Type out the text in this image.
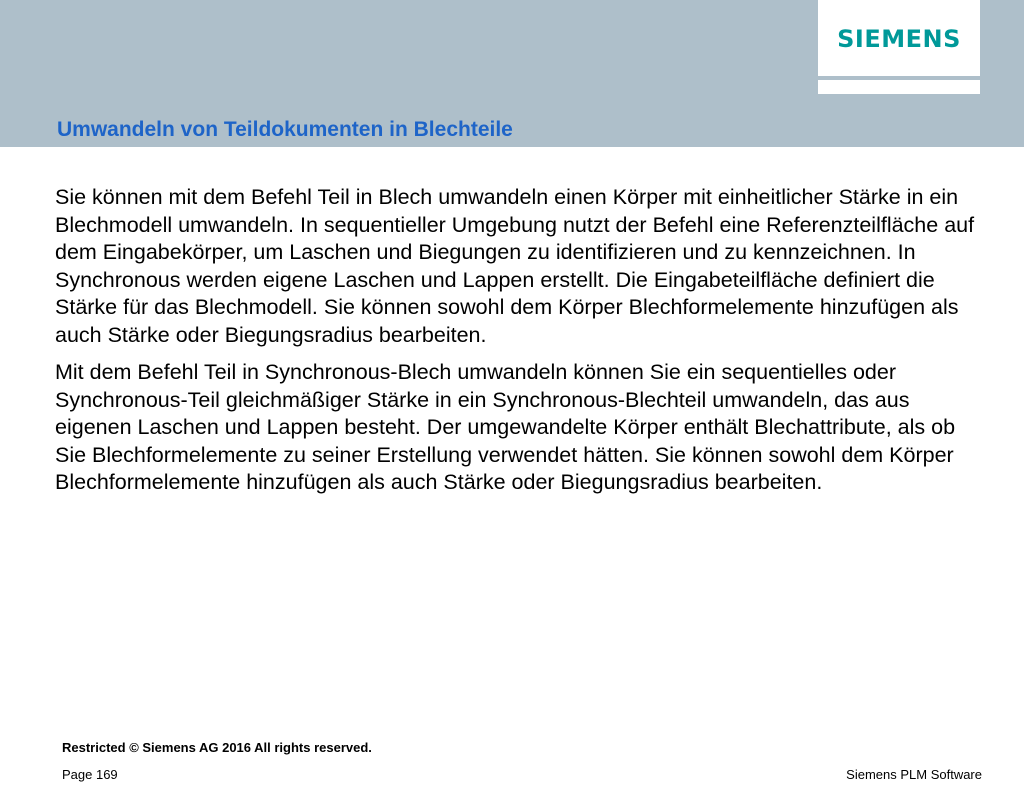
SIEMENS
Umwandeln von Teildokumenten in Blechteile

Sie können mit dem Befehl Teil in Blech umwandeln einen Körper mit einheitlicher Stärke in ein Blechmodell umwandeln. In sequentieller Umgebung nutzt der Befehl eine Referenzteilfläche auf dem Eingabekörper, um Laschen und Biegungen zu identifizieren und zu kennzeichnen. In Synchronous werden eigene Laschen und Lappen erstellt. Die Eingabeteilfläche definiert die Stärke für das Blechmodell. Sie können sowohl dem Körper Blechformelemente hinzufügen als auch Stärke oder Biegungsradius bearbeiten.

Mit dem Befehl Teil in Synchronous-Blech umwandeln können Sie ein sequentielles oder Synchronous-Teil gleichmäßiger Stärke in ein Synchronous-Blechteil umwandeln, das aus eigenen Laschen und Lappen besteht. Der umgewandelte Körper enthält Blechattribute, als ob Sie Blechformelemente zu seiner Erstellung verwendet hätten. Sie können sowohl dem Körper Blechformelemente hinzufügen als auch Stärke oder Biegungsradius bearbeiten.

Restricted © Siemens AG 2016 All rights reserved.
Page 169	Siemens PLM Software
